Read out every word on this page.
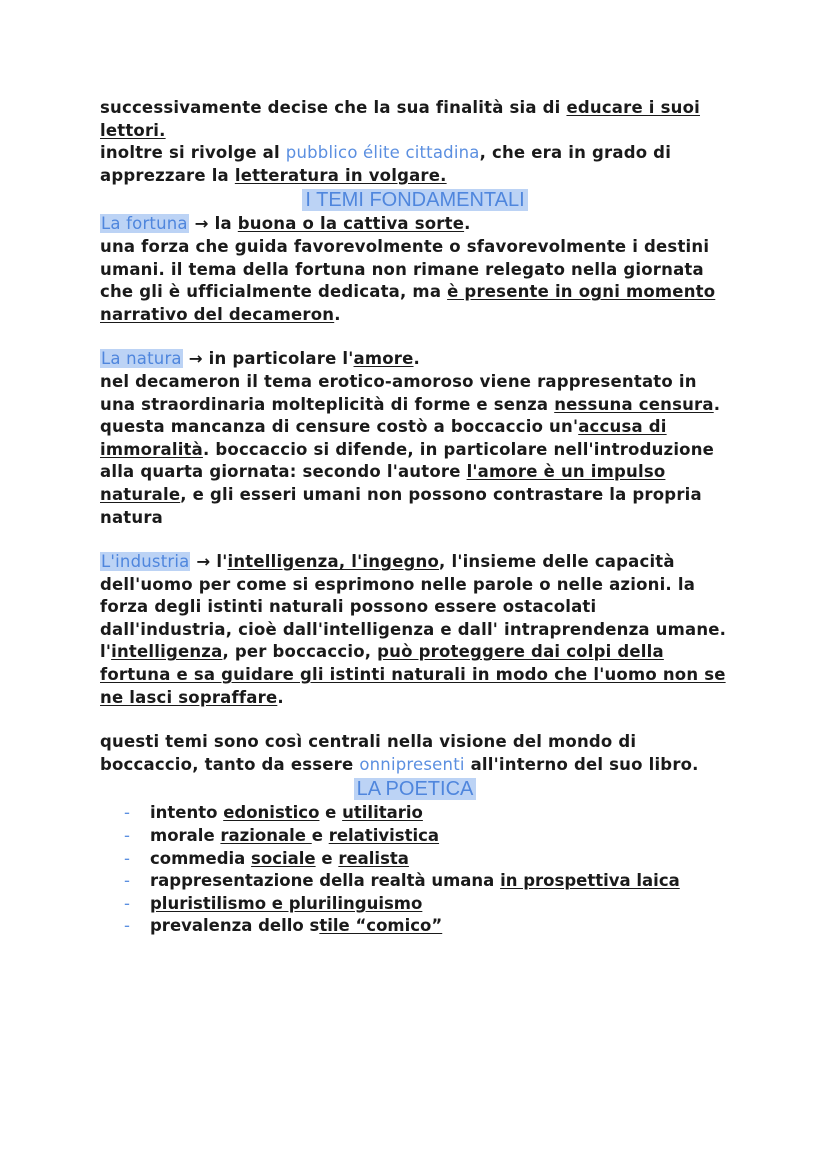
successivamente decise che la sua finalità sia di educare i suoi lettori.

inoltre si rivolge al pubblico élite cittadina, che era in grado di apprezzare la letteratura in volgare.

I TEMI FONDAMENTALI

La fortuna → la buona o la cattiva sorte.
una forza che guida favorevolmente o sfavorevolmente i destini umani. il tema della fortuna non rimane relegato nella giornata che gli è ufficialmente dedicata, ma è presente in ogni momento narrativo del decameron.

La natura → in particolare l'amore.
nel decameron il tema erotico-amoroso viene rappresentato in una straordinaria molteplicità di forme e senza nessuna censura. questa mancanza di censure costò a boccaccio un'accusa di immoralità. boccaccio si difende, in particolare nell'introduzione alla quarta giornata: secondo l'autore l'amore è un impulso naturale, e gli esseri umani non possono contrastare la propria natura

L'industria → l'intelligenza, l'ingegno, l'insieme delle capacità dell'uomo per come si esprimono nelle parole o nelle azioni. la forza degli istinti naturali possono essere ostacolati dall'industria, cioè dall'intelligenza e dall' intraprendenza umane. l'intelligenza, per boccaccio, può proteggere dai colpi della fortuna e sa guidare gli istinti naturali in modo che l'uomo non se ne lasci sopraffare.

questi temi sono così centrali nella visione del mondo di boccaccio, tanto da essere onnipresenti all'interno del suo libro.

LA POETICA
- intento edonistico e utilitario
- morale razionale e relativistica
- commedia sociale e realista
- rappresentazione della realtà umana in prospettiva laica
- pluristilismo e plurilinguismo
- prevalenza dello stile “comico”
